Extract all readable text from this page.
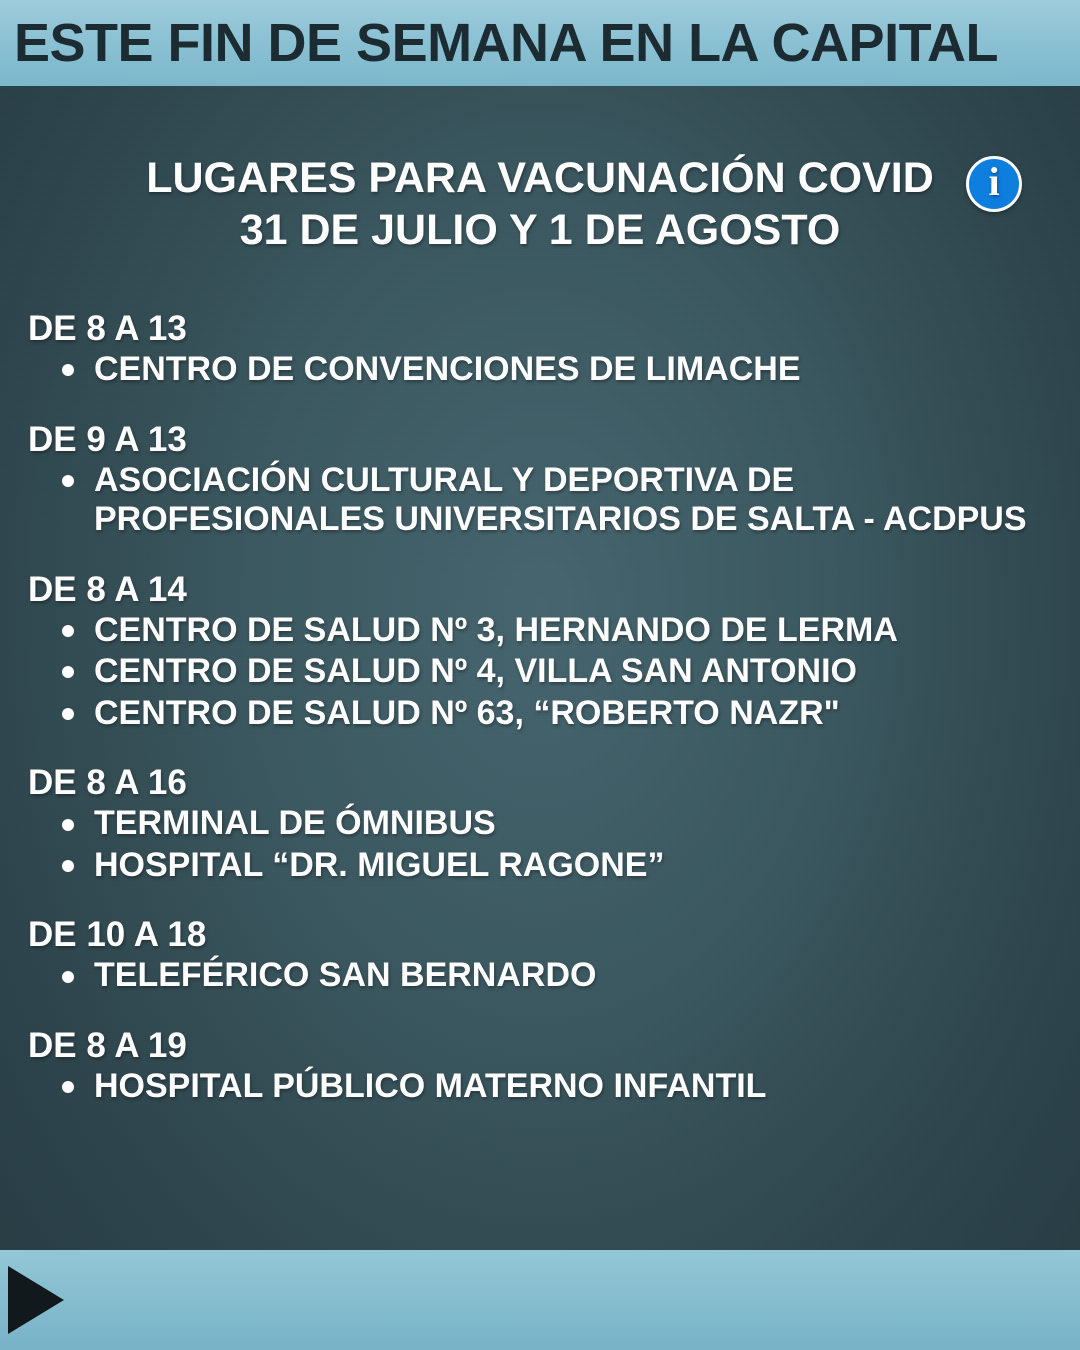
ESTE FIN DE SEMANA EN LA CAPITAL
LUGARES PARA VACUNACIÓN COVID
31 DE JULIO Y 1 DE AGOSTO
i
DE 8 A 13
CENTRO DE CONVENCIONES DE LIMACHE
DE 9 A 13
ASOCIACIÓN CULTURAL Y DEPORTIVA DE PROFESIONALES UNIVERSITARIOS DE SALTA - ACDPUS
DE 8 A 14
CENTRO DE SALUD Nº 3, HERNANDO DE LERMA
CENTRO DE SALUD Nº 4, VILLA SAN ANTONIO
CENTRO DE SALUD Nº 63, “ROBERTO NAZR"
DE 8 A 16
TERMINAL DE ÓMNIBUS
HOSPITAL “DR. MIGUEL RAGONE”
DE 10 A 18
TELEFÉRICO SAN BERNARDO
DE 8 A 19
HOSPITAL PÚBLICO MATERNO INFANTIL
